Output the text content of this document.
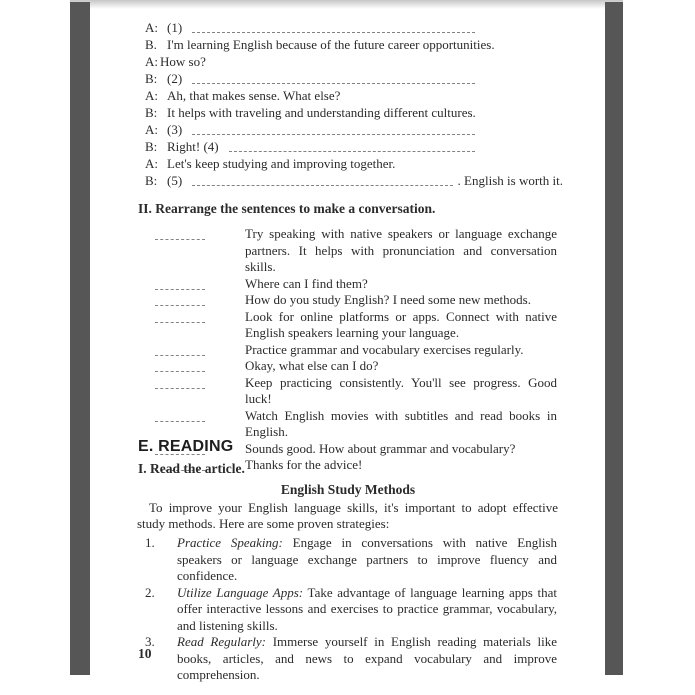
A: (1)
B. I'm learning English because of the future career opportunities.
A: How so?
B: (2)
A: Ah, that makes sense. What else?
B: It helps with traveling and understanding different cultures.
A: (3)
B: Right! (4)
A: Let's keep studying and improving together.
B: (5)	. English is worth it.
II. Rearrange the sentences to make a conversation.
Try speaking with native speakers or language exchange partners. It helps with pronunciation and conversation skills.
Where can I find them?
How do you study English? I need some new methods.
Look for online platforms or apps. Connect with native English speakers learning your language.
Practice grammar and vocabulary exercises regularly.
Okay, what else can I do?
Keep practicing consistently. You'll see progress. Good luck!
Watch English movies with subtitles and read books in English.
Sounds good. How about grammar and vocabulary?
Thanks for the advice!
E. READING
I. Read the article.
English Study Methods
To improve your English language skills, it's important to adopt effective study methods. Here are some proven strategies:
1.	Practice Speaking: Engage in conversations with native English speakers or language exchange partners to improve fluency and confidence.
2.	Utilize Language Apps: Take advantage of language learning apps that offer interactive lessons and exercises to practice grammar, vocabulary, and listening skills.
3.	Read Regularly: Immerse yourself in English reading materials like books, articles, and news to expand vocabulary and improve comprehension.
10
